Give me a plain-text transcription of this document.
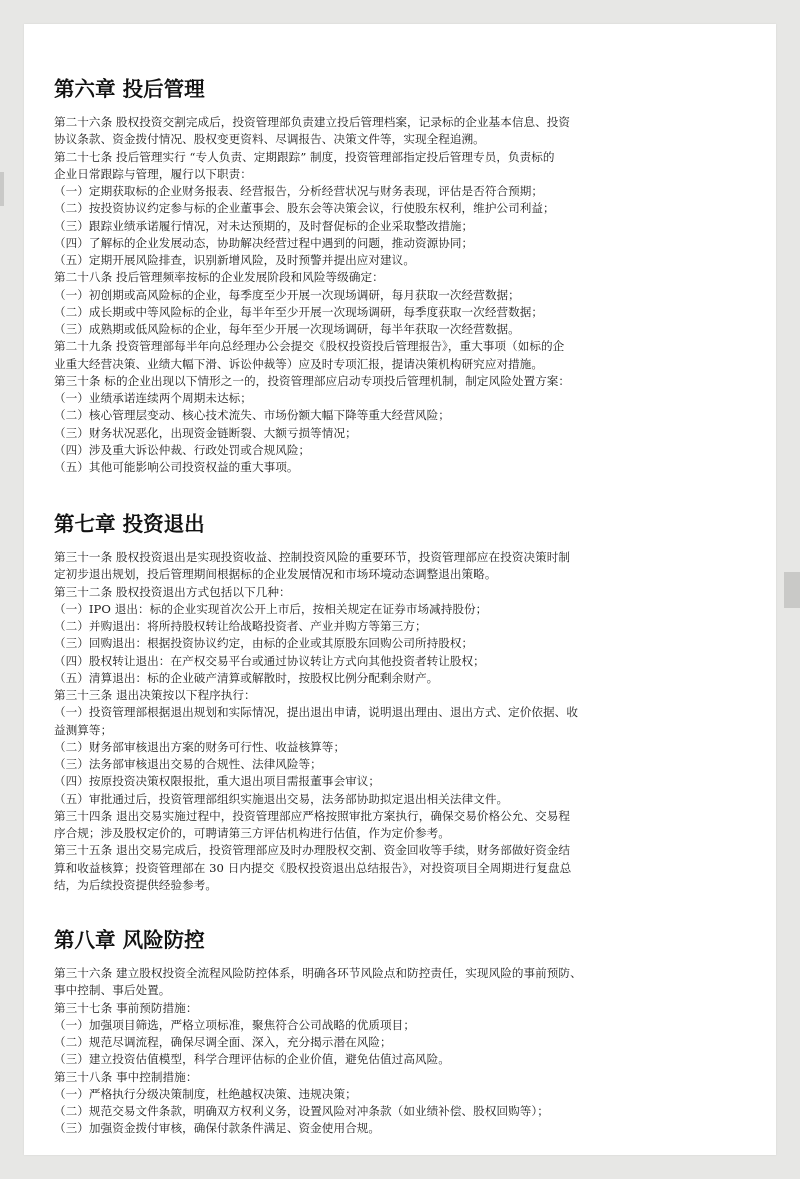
第六章 投后管理

第二十六条 股权投资交割完成后，投资管理部负责建立投后管理档案，记录标的企业基本信息、投资

协议条款、资金拨付情况、股权变更资料、尽调报告、决策文件等，实现全程追溯。

第二十七条 投后管理实行 “专人负责、定期跟踪” 制度，投资管理部指定投后管理专员，负责标的

企业日常跟踪与管理，履行以下职责：

（一）定期获取标的企业财务报表、经营报告，分析经营状况与财务表现，评估是否符合预期；

（二）按投资协议约定参与标的企业董事会、股东会等决策会议，行使股东权利，维护公司利益；

（三）跟踪业绩承诺履行情况，对未达预期的，及时督促标的企业采取整改措施；

（四）了解标的企业发展动态，协助解决经营过程中遇到的问题，推动资源协同；

（五）定期开展风险排查，识别新增风险，及时预警并提出应对建议。

第二十八条 投后管理频率按标的企业发展阶段和风险等级确定：

（一）初创期或高风险标的企业，每季度至少开展一次现场调研，每月获取一次经营数据；

（二）成长期或中等风险标的企业，每半年至少开展一次现场调研，每季度获取一次经营数据；

（三）成熟期或低风险标的企业，每年至少开展一次现场调研，每半年获取一次经营数据。

第二十九条 投资管理部每半年向总经理办公会提交《股权投资投后管理报告》，重大事项（如标的企

业重大经营决策、业绩大幅下滑、诉讼仲裁等）应及时专项汇报，提请决策机构研究应对措施。

第三十条 标的企业出现以下情形之一的，投资管理部应启动专项投后管理机制，制定风险处置方案：

（一）业绩承诺连续两个周期未达标；

（二）核心管理层变动、核心技术流失、市场份额大幅下降等重大经营风险；

（三）财务状况恶化，出现资金链断裂、大额亏损等情况；

（四）涉及重大诉讼仲裁、行政处罚或合规风险；

（五）其他可能影响公司投资权益的重大事项。

第七章 投资退出

第三十一条 股权投资退出是实现投资收益、控制投资风险的重要环节，投资管理部应在投资决策时制

定初步退出规划，投后管理期间根据标的企业发展情况和市场环境动态调整退出策略。

第三十二条 股权投资退出方式包括以下几种：

（一）IPO 退出：标的企业实现首次公开上市后，按相关规定在证券市场减持股份；

（二）并购退出：将所持股权转让给战略投资者、产业并购方等第三方；

（三）回购退出：根据投资协议约定，由标的企业或其原股东回购公司所持股权；

（四）股权转让退出：在产权交易平台或通过协议转让方式向其他投资者转让股权；

（五）清算退出：标的企业破产清算或解散时，按股权比例分配剩余财产。

第三十三条 退出决策按以下程序执行：

（一）投资管理部根据退出规划和实际情况，提出退出申请，说明退出理由、退出方式、定价依据、收

益测算等；

（二）财务部审核退出方案的财务可行性、收益核算等；

（三）法务部审核退出交易的合规性、法律风险等；

（四）按原投资决策权限报批，重大退出项目需报董事会审议；

（五）审批通过后，投资管理部组织实施退出交易，法务部协助拟定退出相关法律文件。

第三十四条 退出交易实施过程中，投资管理部应严格按照审批方案执行，确保交易价格公允、交易程

序合规；涉及股权定价的，可聘请第三方评估机构进行估值，作为定价参考。

第三十五条 退出交易完成后，投资管理部应及时办理股权交割、资金回收等手续，财务部做好资金结

算和收益核算；投资管理部在 30 日内提交《股权投资退出总结报告》，对投资项目全周期进行复盘总

结，为后续投资提供经验参考。

第八章 风险防控

第三十六条 建立股权投资全流程风险防控体系，明确各环节风险点和防控责任，实现风险的事前预防、

事中控制、事后处置。

第三十七条 事前预防措施：

（一）加强项目筛选，严格立项标准，聚焦符合公司战略的优质项目；

（二）规范尽调流程，确保尽调全面、深入，充分揭示潜在风险；

（三）建立投资估值模型，科学合理评估标的企业价值，避免估值过高风险。

第三十八条 事中控制措施：

（一）严格执行分级决策制度，杜绝越权决策、违规决策；

（二）规范交易文件条款，明确双方权利义务，设置风险对冲条款（如业绩补偿、股权回购等）；

（三）加强资金拨付审核，确保付款条件满足、资金使用合规。
